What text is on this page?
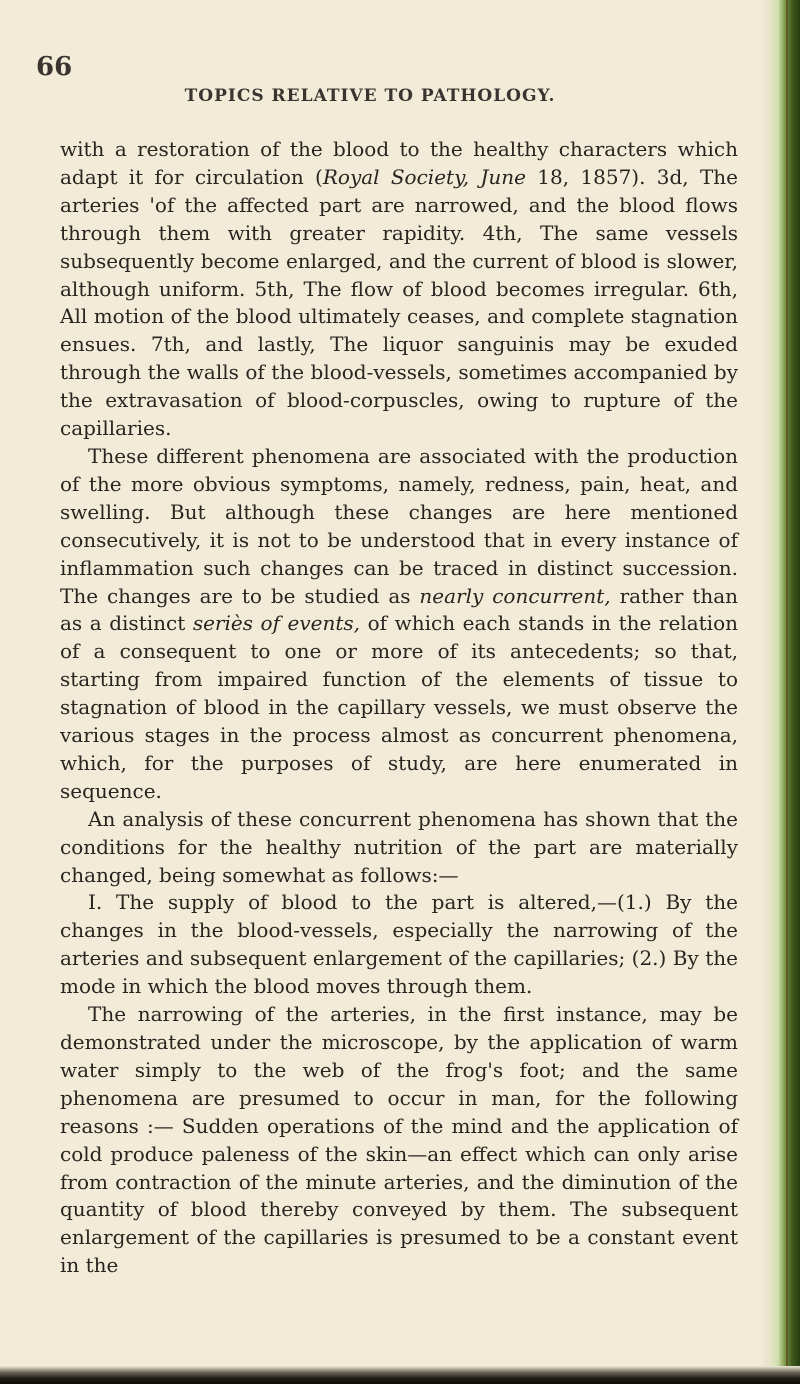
66
TOPICS RELATIVE TO PATHOLOGY.

with a restoration of the blood to the healthy characters which adapt it for circulation (Royal Society, June 18, 1857). 3d, The arteries 'of the affected part are narrowed, and the blood flows through them with greater rapidity. 4th, The same vessels subsequently become enlarged, and the current of blood is slower, although uniform. 5th, The flow of blood becomes irregular. 6th, All motion of the blood ultimately ceases, and complete stagnation ensues. 7th, and lastly, The liquor sanguinis may be exuded through the walls of the blood-vessels, sometimes accompanied by the extravasation of blood-corpuscles, owing to rupture of the capillaries.

These different phenomena are associated with the production of the more obvious symptoms, namely, redness, pain, heat, and swelling. But although these changes are here mentioned consecutively, it is not to be understood that in every instance of inflammation such changes can be traced in distinct succession. The changes are to be studied as nearly concurrent, rather than as a distinct seriès of events, of which each stands in the relation of a consequent to one or more of its antecedents; so that, starting from impaired function of the elements of tissue to stagnation of blood in the capillary vessels, we must observe the various stages in the process almost as concurrent phenomena, which, for the purposes of study, are here enumerated in sequence.

An analysis of these concurrent phenomena has shown that the conditions for the healthy nutrition of the part are materially changed, being somewhat as follows:—

I. The supply of blood to the part is altered,—(1.) By the changes in the blood-vessels, especially the narrowing of the arteries and subsequent enlargement of the capillaries; (2.) By the mode in which the blood moves through them.

The narrowing of the arteries, in the first instance, may be demonstrated under the microscope, by the application of warm water simply to the web of the frog's foot; and the same phenomena are presumed to occur in man, for the following reasons :— Sudden operations of the mind and the application of cold produce paleness of the skin—an effect which can only arise from contraction of the minute arteries, and the diminution of the quantity of blood thereby conveyed by them. The subsequent enlargement of the capillaries is presumed to be a constant event in the
